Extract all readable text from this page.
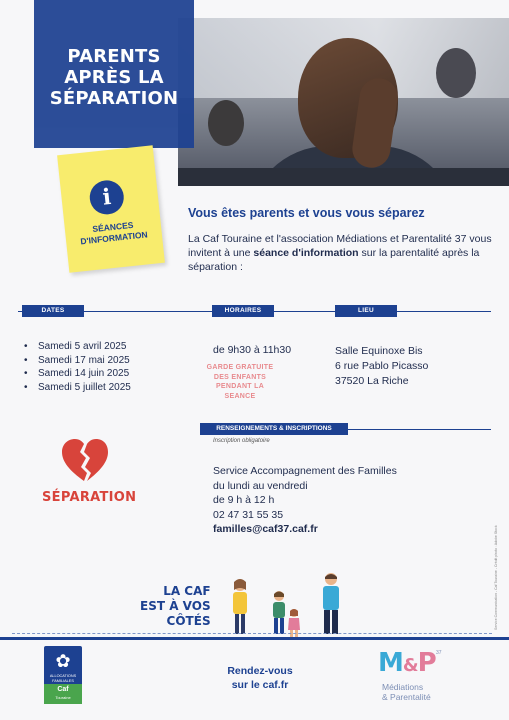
PARENTS APRÈS LA SÉPARATION
i
SÉANCES D'INFORMATION
Vous êtes parents et vous vous séparez

La Caf Touraine et l'association Médiations et Parentalité 37 vous invitent à une séance d'information sur la parentalité après la séparation :

DATES	HORAIRES	LIEU
• Samedi 5 avril 2025
• Samedi 17 mai 2025
• Samedi 14 juin 2025
• Samedi 5 juillet 2025
de 9h30 à 11h30
GARDE GRATUITE DES ENFANTS PENDANT LA SEANCE
Salle Equinoxe Bis
6 rue Pablo Picasso
37520 La Riche
RENSEIGNEMENTS & INSCRIPTIONS
Inscription obligatoire
SÉPARATION
Service Accompagnement des Familles
du lundi au vendredi
de 9 h à 12 h
02 47 31 55 35
familles@caf37.caf.fr	Service Communication - Caf Touraine - Crédit photo : Adobe Stock
LA CAF
EST À VOS
CÔTÉS
✿
ALLOCATIONS FAMILIALES
Caf
Touraine
Rendez-vous
sur le caf.fr
M&P 37
Médiations
& Parentalité
